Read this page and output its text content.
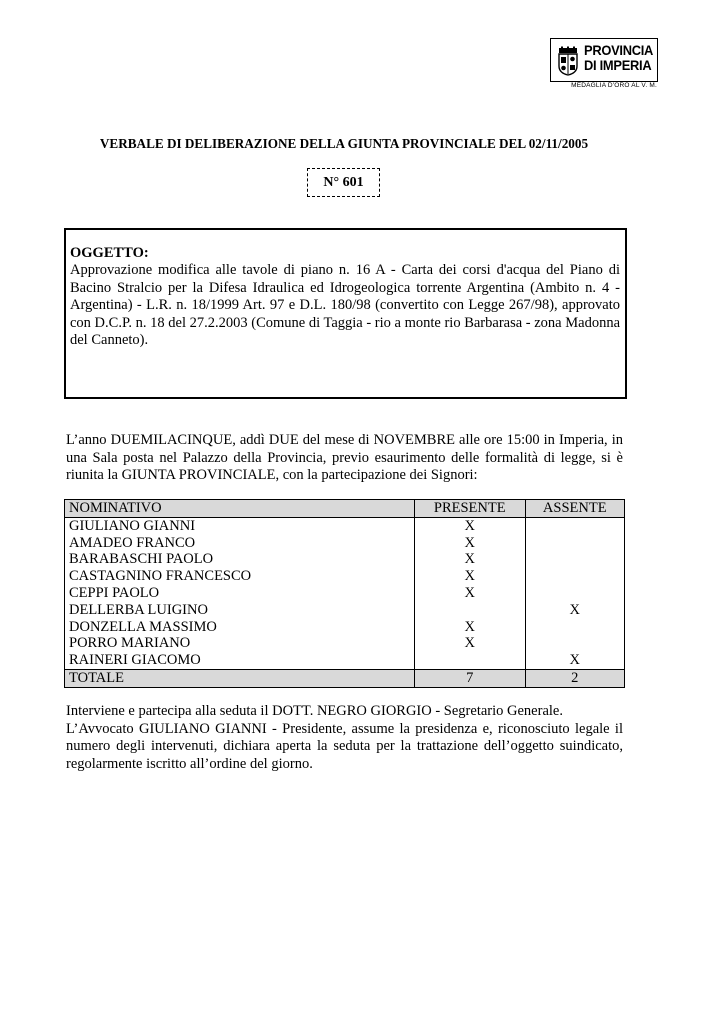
PROVINCIA
DI IMPERIA
MEDAGLIA D'ORO AL V. M.
VERBALE DI DELIBERAZIONE DELLA GIUNTA PROVINCIALE DEL 02/11/2005
N° 601
OGGETTO:
Approvazione modifica alle tavole di piano n. 16 A - Carta dei corsi d'acqua del Piano di Bacino Stralcio per la Difesa Idraulica ed Idrogeologica torrente Argentina (Ambito n. 4 - Argentina) - L.R. n. 18/1999 Art. 97 e D.L. 180/98 (convertito con Legge 267/98), approvato con D.C.P. n. 18 del 27.2.2003 (Comune di Taggia - rio a monte rio Barbarasa - zona Madonna del Canneto).
L’anno DUEMILACINQUE, addì DUE del mese di NOVEMBRE alle ore 15:00 in Imperia, in una Sala posta nel Palazzo della Provincia, previo esaurimento delle formalità di legge, si è riunita la GIUNTA PROVINCIALE, con la partecipazione dei Signori:
NOMINATIVO	PRESENTE	ASSENTE
GIULIANO GIANNI	X	
AMADEO FRANCO	X	
BARABASCHI PAOLO	X	
CASTAGNINO FRANCESCO	X	
CEPPI PAOLO	X	
DELLERBA LUIGINO		X
DONZELLA MASSIMO	X	
PORRO MARIANO	X	
RAINERI GIACOMO		X
TOTALE	7	2
Interviene e partecipa alla seduta il DOTT. NEGRO GIORGIO - Segretario Generale.
L’Avvocato GIULIANO GIANNI - Presidente, assume la presidenza e, riconosciuto legale il numero degli intervenuti, dichiara aperta la seduta per la trattazione dell’oggetto suindicato, regolarmente iscritto all’ordine del giorno.
